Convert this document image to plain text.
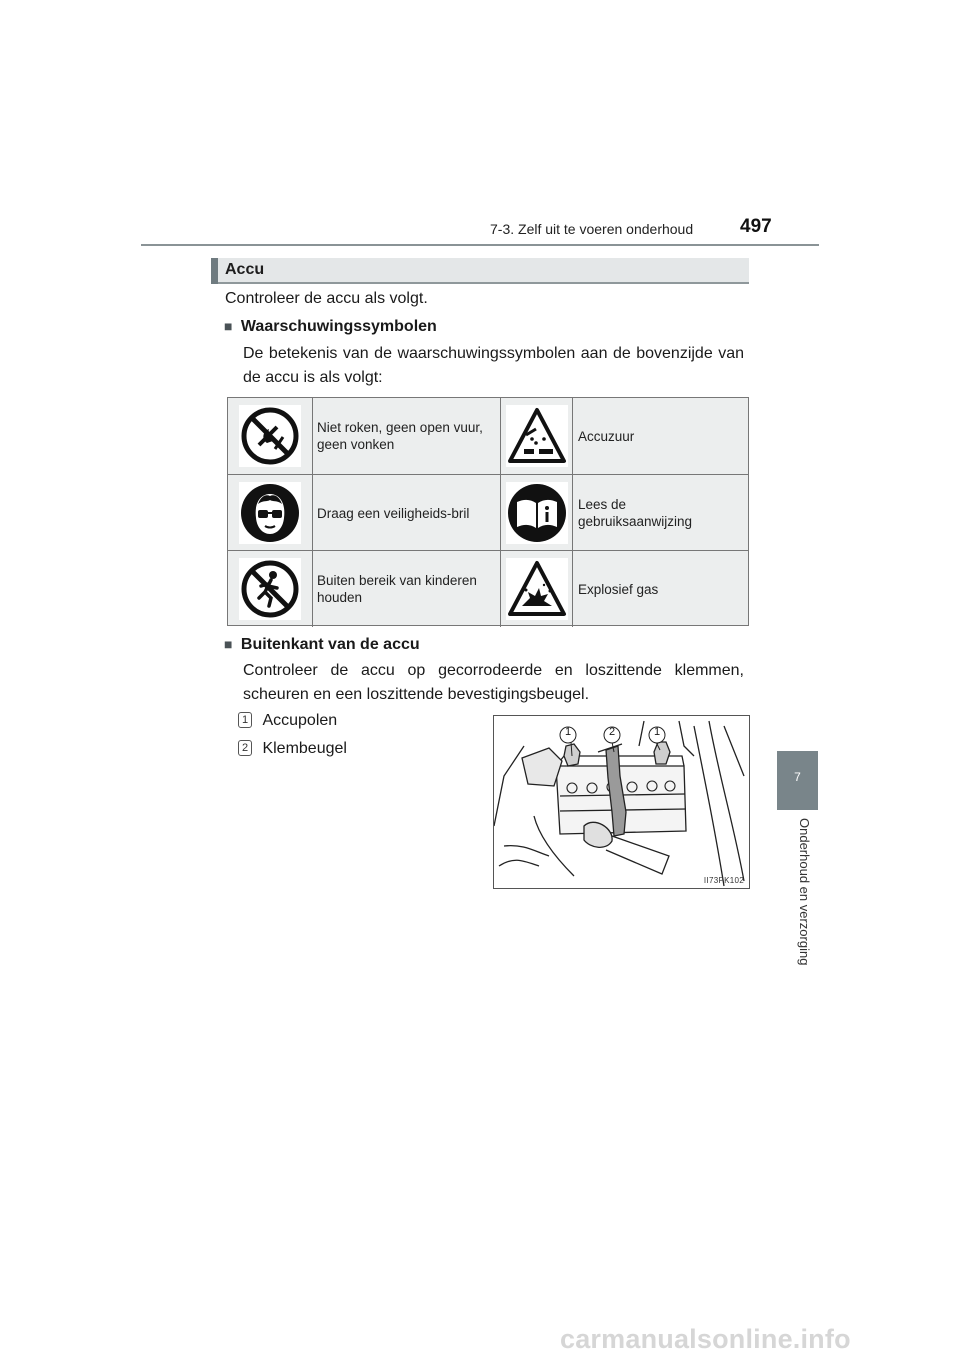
7-3. Zelf uit te voeren onderhoud 497
7
Onderhoud en verzorging
Accu
Controleer de accu als volgt.
■ Waarschuwingssymbolen
De betekenis van de waarschuwingssymbolen aan de bovenzijde van de accu is als volgt:
Niet roken, geen open vuur, geen vonken
Accuzuur
Draag een veiligheids-bril
Lees de gebruiksaanwijzing
Buiten bereik van kinderen houden
Explosief gas
■ Buitenkant van de accu
Controleer de accu op gecorrodeerde en loszittende klemmen, scheuren en een loszittende bevestigingsbeugel.
1 Accupolen
2 Klembeugel
1	2	1
II73PK102
carmanualsonline.info
